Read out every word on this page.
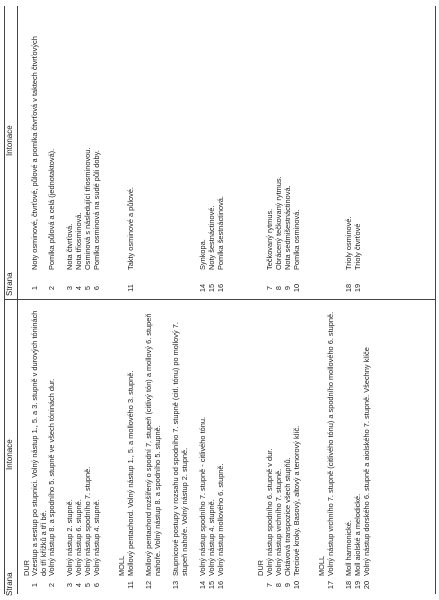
Strana
Intonace
Strana
Intonace
DUR
1
Vzestup a sestup po stupnici. Volný nástup 1., 5. a 3. stupně v durových tóninách do tří křížků a tří bé.
2
Volný nástup 8. a spodního 5. stupně ve všech tóninách dur.
3
Volný nástup 2. stupně.
4
Volný nástup 6. stupně.
5
Volný nástup spodního 7. stupně.
6
Volný nástup 4. stupně. MOLL
11
Mollový pentachord. Volný nástup 1., 5. a mollového 3. stupně.
12
Mollový pentachord rozšířený o spodní 7. stupeň (citlivý tón) a mollový 6. stupeň nahoře. Volný nástup 8. a spodního 5. stupně.
13
Stupnicové postupy v rozsahu od spodního 7. stupně (citl. tónu) po mollový 7. stupeň nahoře. Volný nástup 2. stupně.
14
Volný nástup spodního 7. stupně - citlivého tónu.
15
Volný nástup 4. stupně.
16
Volný nástup mollového 6. stupně.	DUR
7
Volný nástup spodního 6. stupně v dur.
8
Volný nástup vrchního 7. stupně.
9
Oktávová transpozice všech stupňů.
10
Terciové kroky. Basový, altový a tenorový klíč. MOLL
17
Volný nástup vrchního 7. stupně (citlivého tónu) a spodního mollového 6. stupně.
18
Moll harmonické.
19
Moll aiolské a melodické.
20
Volný nástup dorského 6. stupně a aiolského 7. stupně. Všechny klíče
1
Noty osminové, čtvrťové, půlové a pomlka čtvrťová v taktech čtvrťových
2
Pomlka půlová a celá (jednotaktová).
3
Nota čtvrťová.
4
Nota třiosminová.
5
Osminová s následující třiosminovou.
6
Pomlka osminová na sudé půli doby.
11
Takty osminové a půlové.
14
Synkopa.
15
Noty šestnáctinové.
16
Pomlka šestnáctinová.
7
Tečkovaný rytmus.
8
Obrácený tečkovaný rytmus.
9
Nota sedmišestnáctinová.
10
Pomlka osminová.
18
Trioly osminové.
19
Trioly čtvrťové
